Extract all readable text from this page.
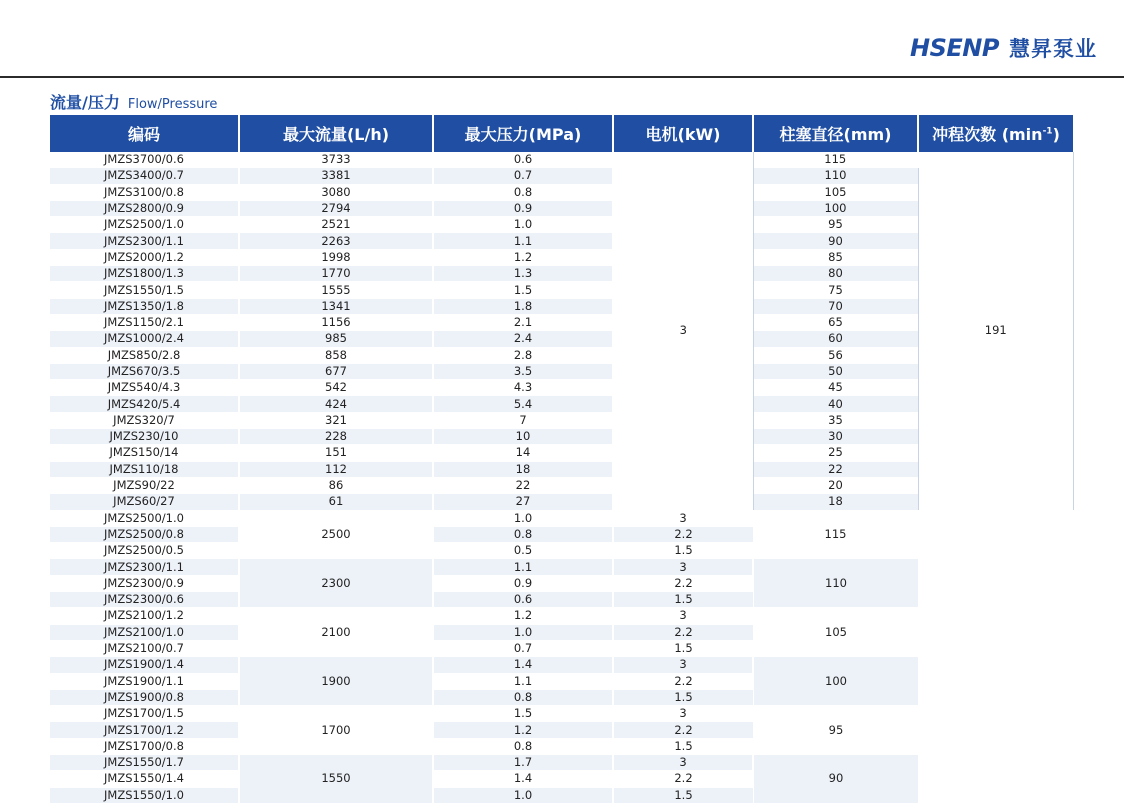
HSENP 慧昇泵业
流量/压力 Flow/Pressure
编码	最大流量(L/h)	最大压力(MPa)	电机(kW)	柱塞直径(mm)	冲程次数 $(\min^{-1})$
JMZS3700/0.6	3733	0.6	3	115	191
JMZS3400/0.7	3381	0.7		110	
JMZS3100/0.8	3080	0.8		105	
JMZS2800/0.9	2794	0.9		100	
JMZS2500/1.0	2521	1.0		95	
JMZS2300/1.1	2263	1.1		90	
JMZS2000/1.2	1998	1.2		85	
JMZS1800/1.3	1770	1.3		80	
JMZS1550/1.5	1555	1.5		75	
JMZS1350/1.8	1341	1.8		70	
JMZS1150/2.1	1156	2.1		65	
JMZS1000/2.4	985	2.4		60	
JMZS850/2.8	858	2.8		56	
JMZS670/3.5	677	3.5		50	
JMZS540/4.3	542	4.3		45	
JMZS420/5.4	424	5.4		40	
JMZS320/7	321	7		35	
JMZS230/10	228	10		30	
JMZS150/14	151	14		25	
JMZS110/18	112	18		22	
JMZS90/22	86	22		20	
JMZS60/27	61	27		18	
JMZS2500/1.0	2500	1.0	3	115	
JMZS2500/0.8		0.8	2.2		
JMZS2500/0.5		0.5	1.5		
JMZS2300/1.1	2300	1.1	3	110	
JMZS2300/0.9		0.9	2.2		
JMZS2300/0.6		0.6	1.5		
JMZS2100/1.2	2100	1.2	3	105	
JMZS2100/1.0		1.0	2.2		
JMZS2100/0.7		0.7	1.5		
JMZS1900/1.4	1900	1.4	3	100	
JMZS1900/1.1		1.1	2.2		
JMZS1900/0.8		0.8	1.5		
JMZS1700/1.5	1700	1.5	3	95	
JMZS1700/1.2		1.2	2.2		
JMZS1700/0.8		0.8	1.5		
JMZS1550/1.7	1550	1.7	3	90	
JMZS1550/1.4		1.4	2.2		
JMZS1550/1.0		1.0	1.5		
